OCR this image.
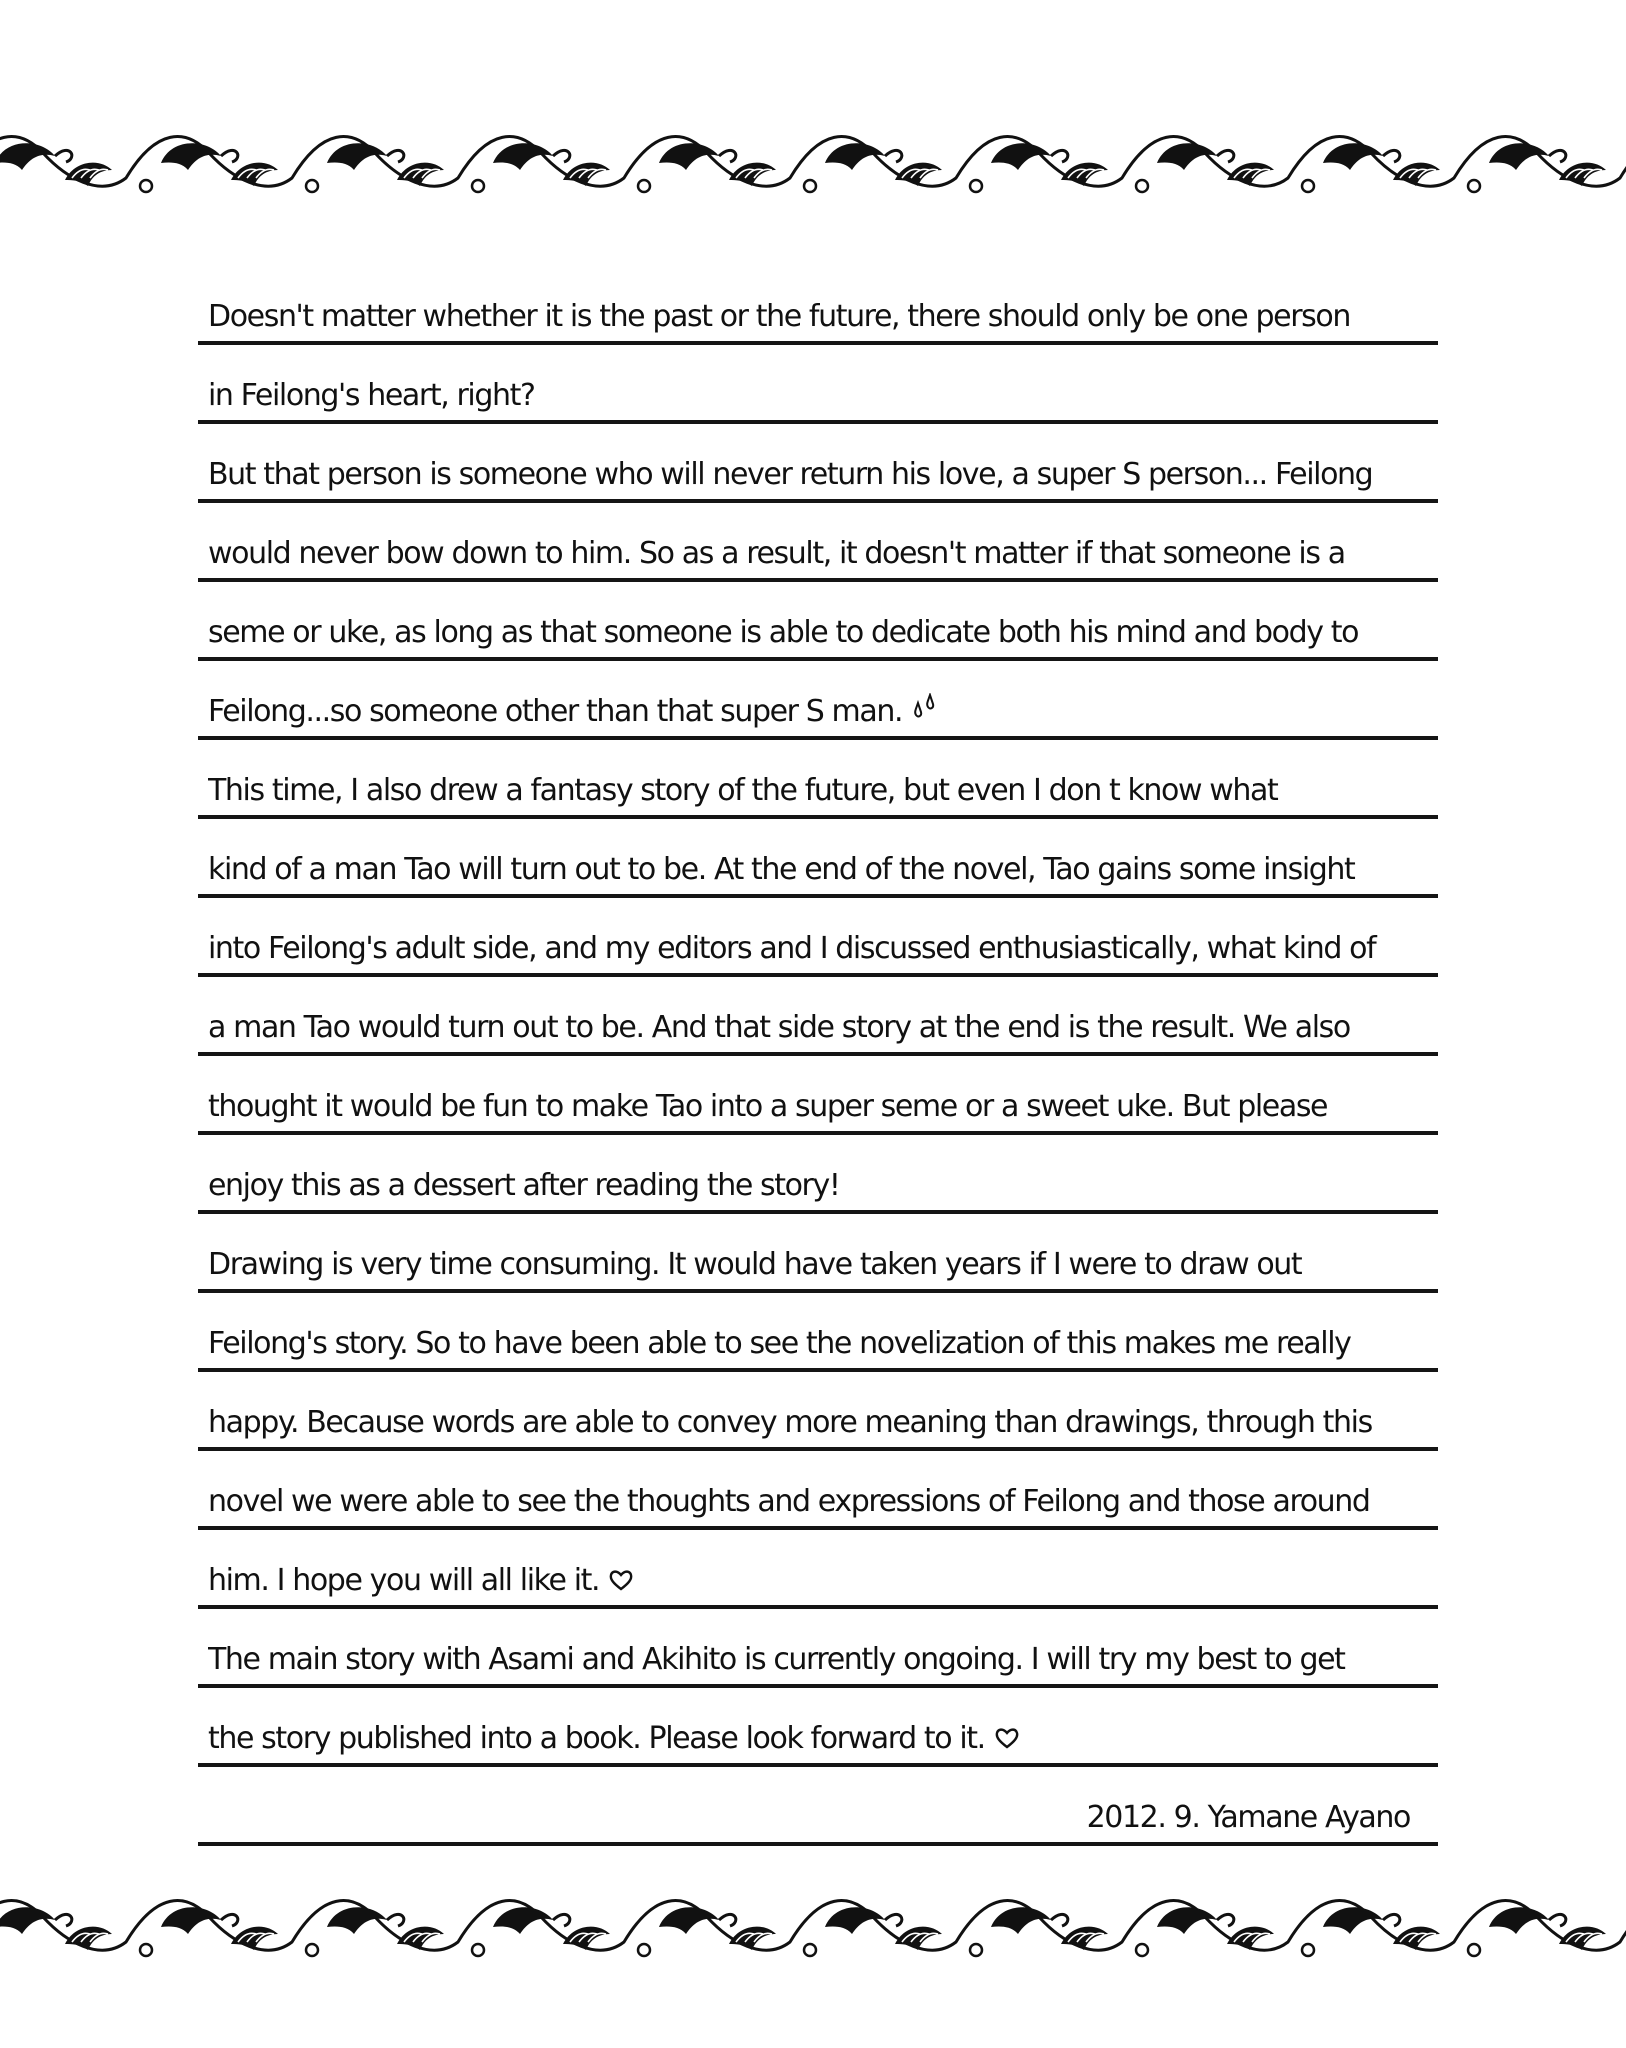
Doesn't matter whether it is the past or the future, there should only be one person
in Feilong's heart, right?
But that person is someone who will never return his love, a super S person... Feilong
would never bow down to him. So as a result, it doesn't matter if that someone is a
seme or uke, as long as that someone is able to dedicate both his mind and body to
Feilong...so someone other than that super S man.
This time, I also drew a fantasy story of the future, but even I don t know what
kind of a man Tao will turn out to be. At the end of the novel, Tao gains some insight
into Feilong's adult side, and my editors and I discussed enthusiastically, what kind of
a man Tao would turn out to be. And that side story at the end is the result. We also
thought it would be fun to make Tao into a super seme or a sweet uke. But please
enjoy this as a dessert after reading the story!
Drawing is very time consuming. It would have taken years if I were to draw out
Feilong's story. So to have been able to see the novelization of this makes me really
happy. Because words are able to convey more meaning than drawings, through this
novel we were able to see the thoughts and expressions of Feilong and those around
him. I hope you will all like it.
The main story with Asami and Akihito is currently ongoing. I will try my best to get
the story published into a book. Please look forward to it.
2012. 9. Yamane Ayano
